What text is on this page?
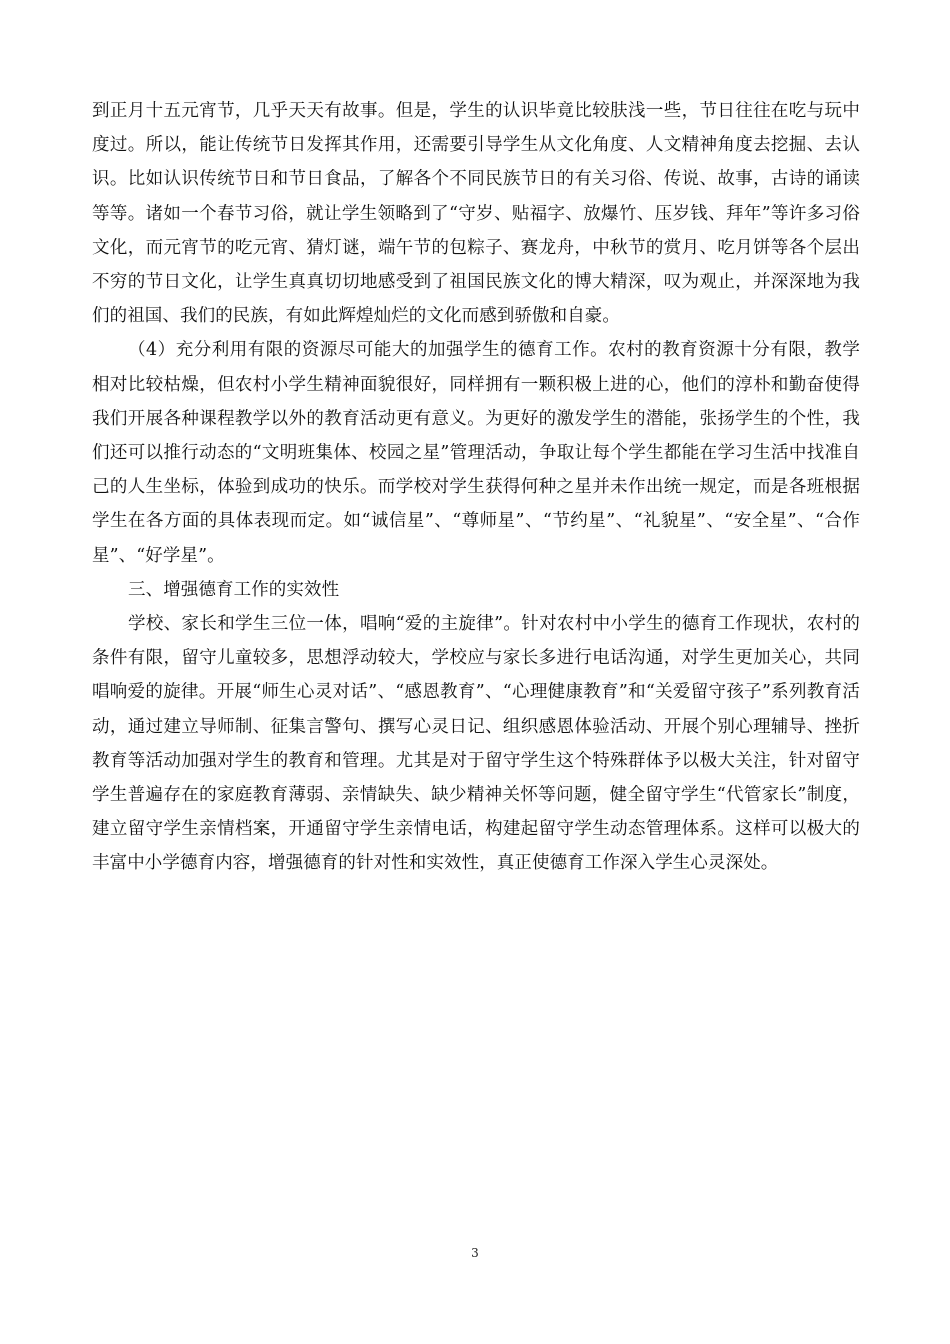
到正月十五元宵节，几乎天天有故事。但是，学生的认识毕竟比较肤浅一些，节日往往在吃与玩中度过。所以，能让传统节日发挥其作用，还需要引导学生从文化角度、人文精神角度去挖掘、去认识。比如认识传统节日和节日食品，了解各个不同民族节日的有关习俗、传说、故事，古诗的诵读等等。诸如一个春节习俗，就让学生领略到了“守岁、贴福字、放爆竹、压岁钱、拜年”等许多习俗文化，而元宵节的吃元宵、猜灯谜，端午节的包粽子、赛龙舟，中秋节的赏月、吃月饼等各个层出不穷的节日文化，让学生真真切切地感受到了祖国民族文化的博大精深，叹为观止，并深深地为我们的祖国、我们的民族，有如此辉煌灿烂的文化而感到骄傲和自豪。

（4）充分利用有限的资源尽可能大的加强学生的德育工作。农村的教育资源十分有限，教学相对比较枯燥，但农村小学生精神面貌很好，同样拥有一颗积极上进的心，他们的淳朴和勤奋使得我们开展各种课程教学以外的教育活动更有意义。为更好的激发学生的潜能，张扬学生的个性，我们还可以推行动态的“文明班集体、校园之星”管理活动，争取让每个学生都能在学习生活中找准自己的人生坐标，体验到成功的快乐。而学校对学生获得何种之星并未作出统一规定，而是各班根据学生在各方面的具体表现而定。如“诚信星”、“尊师星”、“节约星”、“礼貌星”、“安全星”、“合作星”、“好学星”。

三、增强德育工作的实效性

学校、家长和学生三位一体，唱响“爱的主旋律”。针对农村中小学生的德育工作现状，农村的条件有限，留守儿童较多，思想浮动较大，学校应与家长多进行电话沟通，对学生更加关心，共同唱响爱的旋律。开展“师生心灵对话”、“感恩教育”、“心理健康教育”和“关爱留守孩子”系列教育活动，通过建立导师制、征集言警句、撰写心灵日记、组织感恩体验活动、开展个别心理辅导、挫折教育等活动加强对学生的教育和管理。尤其是对于留守学生这个特殊群体予以极大关注，针对留守学生普遍存在的家庭教育薄弱、亲情缺失、缺少精神关怀等问题，健全留守学生“代管家长”制度，建立留守学生亲情档案，开通留守学生亲情电话，构建起留守学生动态管理体系。这样可以极大的丰富中小学德育内容，增强德育的针对性和实效性，真正使德育工作深入学生心灵深处。

3
